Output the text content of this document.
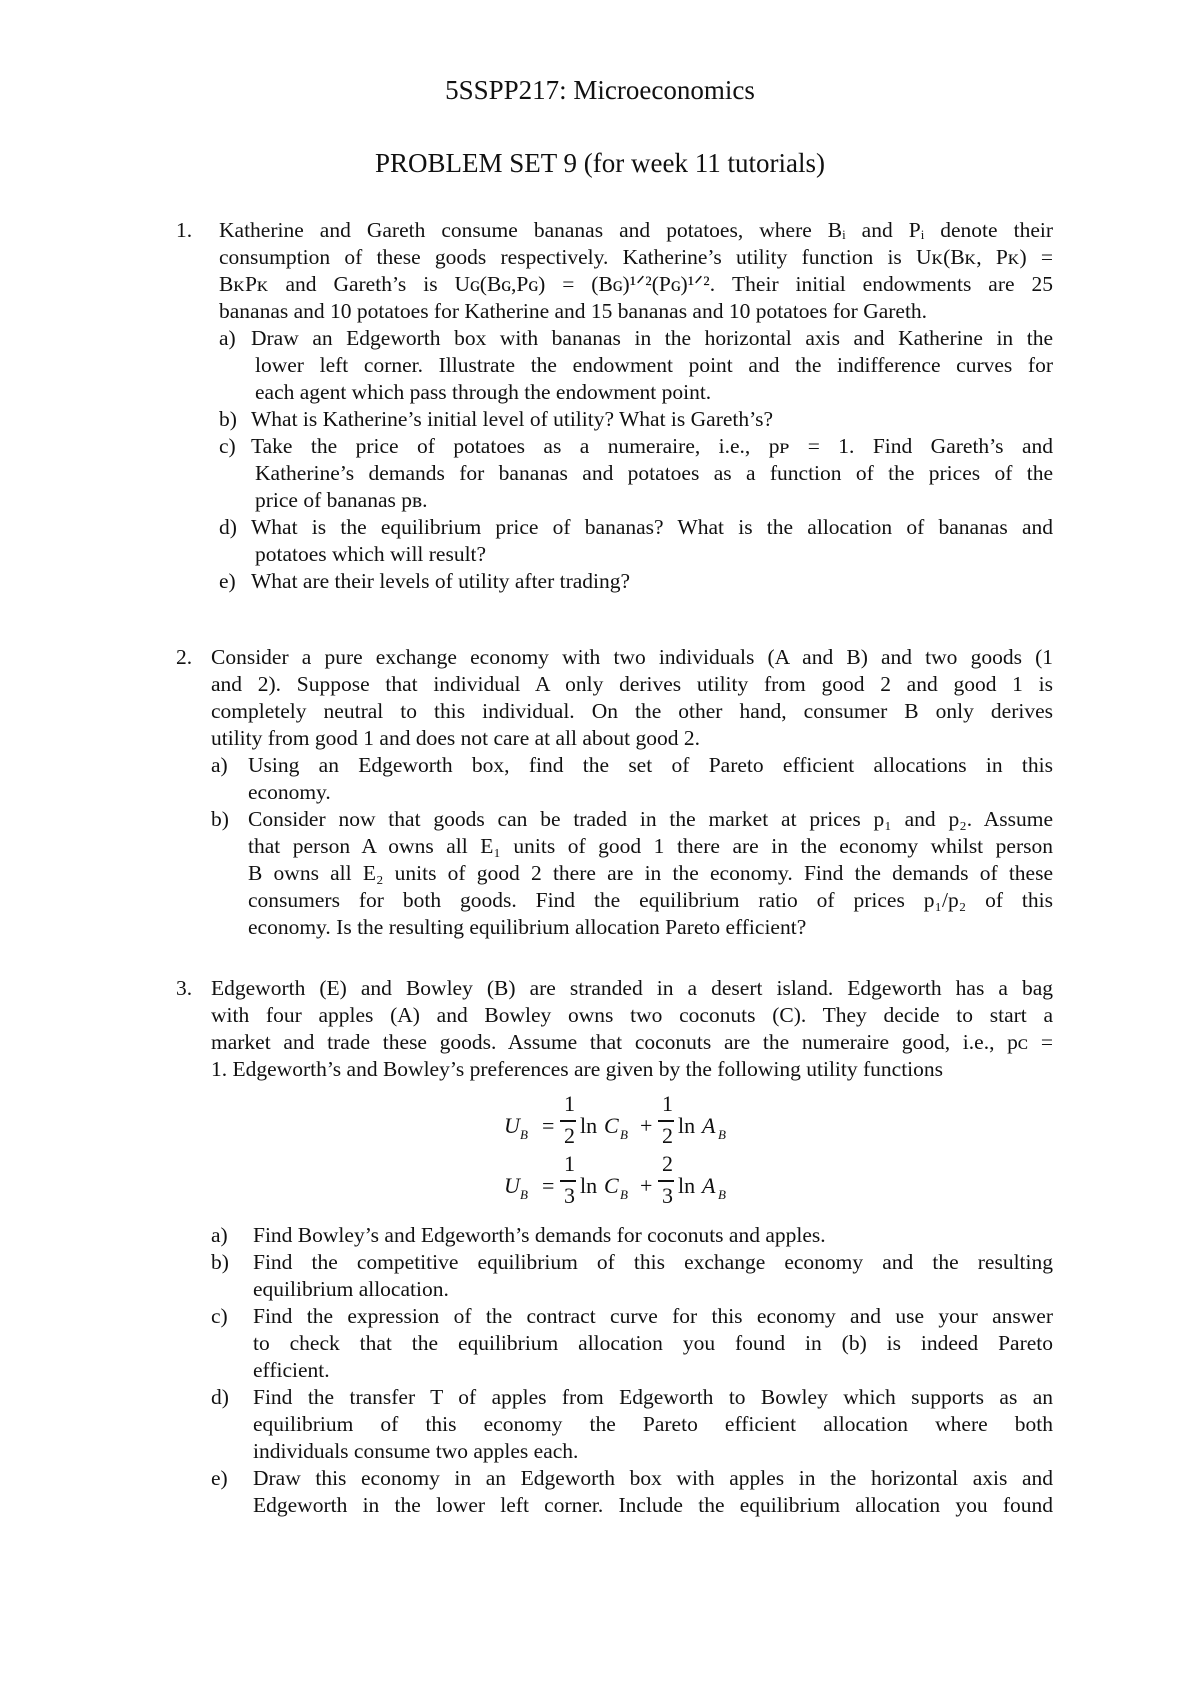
5SSPP217: Microeconomics
PROBLEM SET 9 (for week 11 tutorials)
1. Katherine and Gareth consume bananas and potatoes, where Bᵢ and Pᵢ denote their
consumption of these goods respectively. Katherine’s utility function is Uᴋ(Bᴋ, Pᴋ) =
BᴋPᴋ and Gareth’s is Uɢ(Bɢ,Pɢ) = (Bɢ)¹ᐟ²(Pɢ)¹ᐟ². Their initial endowments are 25
bananas and 10 potatoes for Katherine and 15 bananas and 10 potatoes for Gareth.
a) Draw an Edgeworth box with bananas in the horizontal axis and Katherine in the
lower left corner. Illustrate the endowment point and the indifference curves for
each agent which pass through the endowment point.
b) What is Katherine’s initial level of utility? What is Gareth’s?
c) Take the price of potatoes as a numeraire, i.e., pᴘ = 1. Find Gareth’s and
Katherine’s demands for bananas and potatoes as a function of the prices of the
price of bananas pʙ.
d) What is the equilibrium price of bananas? What is the allocation of bananas and
potatoes which will result?
e) What are their levels of utility after trading?
2. Consider a pure exchange economy with two individuals (A and B) and two goods (1
and 2). Suppose that individual A only derives utility from good 2 and good 1 is
completely neutral to this individual. On the other hand, consumer B only derives
utility from good 1 and does not care at all about good 2.
a) Using an Edgeworth box, find the set of Pareto efficient allocations in this
economy.
b) Consider now that goods can be traded in the market at prices p₁ and p₂. Assume
that person A owns all E₁ units of good 1 there are in the economy whilst person
B owns all E₂ units of good 2 there are in the economy. Find the demands of these
consumers for both goods. Find the equilibrium ratio of prices p₁/p₂ of this
economy. Is the resulting equilibrium allocation Pareto efficient?
3. Edgeworth (E) and Bowley (B) are stranded in a desert island. Edgeworth has a bag
with four apples (A) and Bowley owns two coconuts (C). They decide to start a
market and trade these goods. Assume that coconuts are the numeraire good, i.e., pᴄ =
1. Edgeworth’s and Bowley’s preferences are given by the following utility functions
U B =
1
2 ln C B +
1
2 ln A B
U B =
1
3 ln C B +
2
3 ln A B
a) Find Bowley’s and Edgeworth’s demands for coconuts and apples.
b) Find the competitive equilibrium of this exchange economy and the resulting
equilibrium allocation.
c) Find the expression of the contract curve for this economy and use your answer
to check that the equilibrium allocation you found in (b) is indeed Pareto
efficient.
d) Find the transfer T of apples from Edgeworth to Bowley which supports as an
equilibrium of this economy the Pareto efficient allocation where both
individuals consume two apples each.
e) Draw this economy in an Edgeworth box with apples in the horizontal axis and
Edgeworth in the lower left corner. Include the equilibrium allocation you found
